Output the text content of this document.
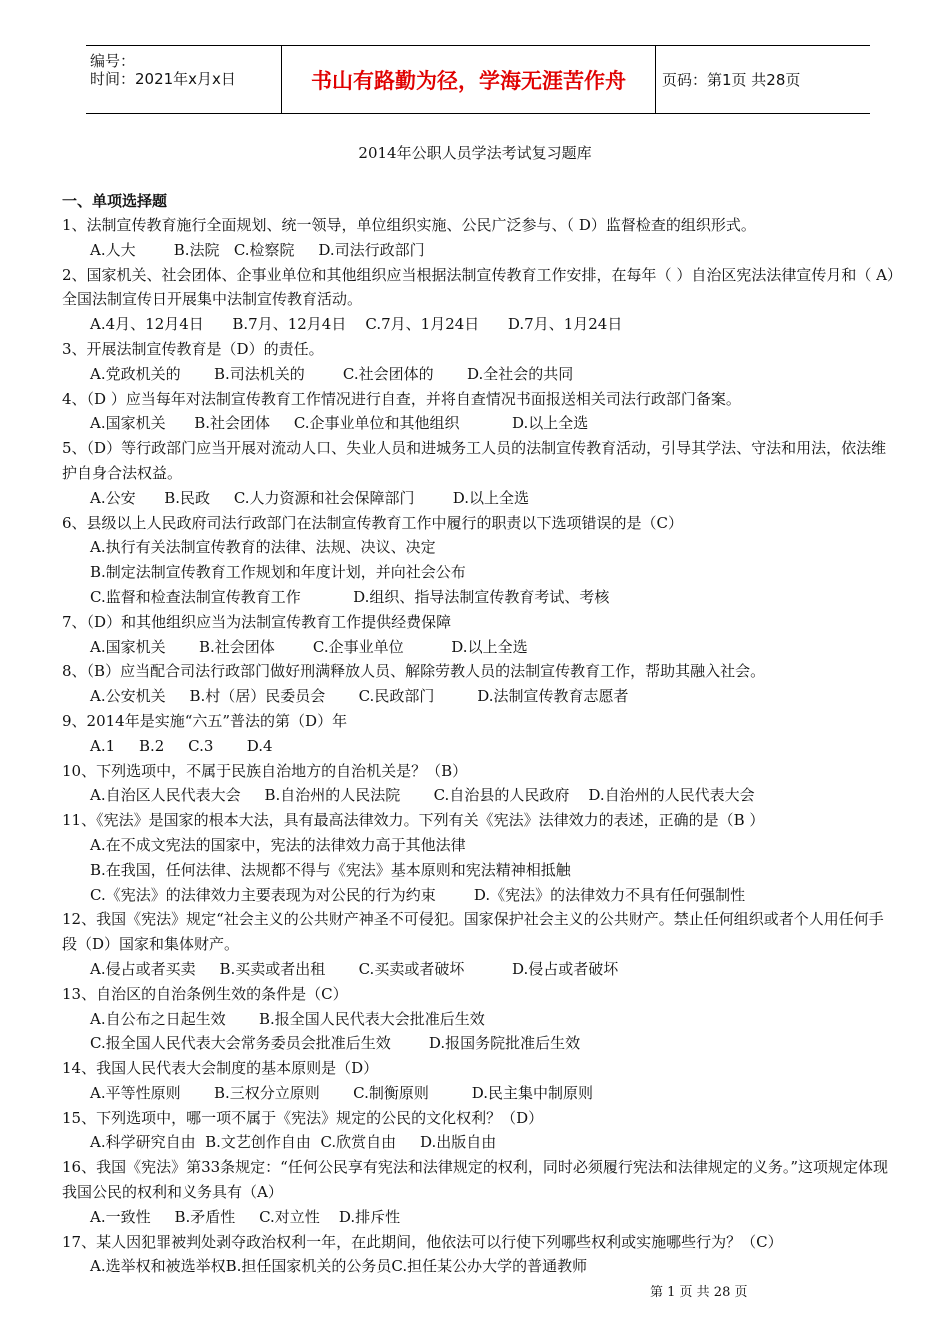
编号：
时间：2021年x月x日	书山有路勤为径，学海无涯苦作舟	页码：第1页 共28页
2014年公职人员学法考试复习题库
一、单项选择题
1、法制宣传教育施行全面规划、统一领导，单位组织实施、公民广泛参与、（ D）监督检查的组织形式。
A.人大        B.法院   C.检察院     D.司法行政部门
2、国家机关、社会团体、企事业单位和其他组织应当根据法制宣传教育工作安排，在每年（ ）自治区宪法法律宣传月和（ A）全国法制宣传日开展集中法制宣传教育活动。
A.4月、12月4日      B.7月、12月4日    C.7月、1月24日      D.7月、1月24日
3、开展法制宣传教育是（D）的责任。
A.党政机关的       B.司法机关的        C.社会团体的       D.全社会的共同
4、（D ）应当每年对法制宣传教育工作情况进行自查，并将自查情况书面报送相关司法行政部门备案。
A.国家机关      B.社会团体     C.企事业单位和其他组织           D.以上全选
5、（D）等行政部门应当开展对流动人口、失业人员和进城务工人员的法制宣传教育活动，引导其学法、守法和用法，依法维护自身合法权益。
A.公安      B.民政     C.人力资源和社会保障部门        D.以上全选
6、县级以上人民政府司法行政部门在法制宣传教育工作中履行的职责以下选项错误的是（C）
A.执行有关法制宣传教育的法律、法规、决议、决定
B.制定法制宣传教育工作规划和年度计划，并向社会公布
C.监督和检查法制宣传教育工作           D.组织、指导法制宣传教育考试、考核
7、（D）和其他组织应当为法制宣传教育工作提供经费保障
A.国家机关       B.社会团体        C.企事业单位          D.以上全选
8、（B）应当配合司法行政部门做好刑满释放人员、解除劳教人员的法制宣传教育工作，帮助其融入社会。
A.公安机关     B.村（居）民委员会       C.民政部门         D.法制宣传教育志愿者
9、2014年是实施“六五”普法的第（D）年
A.1     B.2     C.3       D.4
10、下列选项中，不属于民族自治地方的自治机关是？（B）
A.自治区人民代表大会     B.自治州的人民法院       C.自治县的人民政府    D.自治州的人民代表大会
11、《宪法》是国家的根本大法，具有最高法律效力。下列有关《宪法》法律效力的表述，正确的是（B ）
A.在不成文宪法的国家中，宪法的法律效力高于其他法律
B.在我国，任何法律、法规都不得与《宪法》基本原则和宪法精神相抵触
C.《宪法》的法律效力主要表现为对公民的行为约束        D.《宪法》的法律效力不具有任何强制性
12、我国《宪法》规定“社会主义的公共财产神圣不可侵犯。国家保护社会主义的公共财产。禁止任何组织或者个人用任何手段（D）国家和集体财产。
A.侵占或者买卖     B.买卖或者出租       C.买卖或者破坏          D.侵占或者破坏
13、自治区的自治条例生效的条件是（C）
A.自公布之日起生效       B.报全国人民代表大会批准后生效
C.报全国人民代表大会常务委员会批准后生效        D.报国务院批准后生效
14、我国人民代表大会制度的基本原则是（D）
A.平等性原则       B.三权分立原则       C.制衡原则         D.民主集中制原则
15、下列选项中，哪一项不属于《宪法》规定的公民的文化权利？（D）
A.科学研究自由  B.文艺创作自由  C.欣赏自由     D.出版自由
16、我国《宪法》第33条规定：“任何公民享有宪法和法律规定的权利，同时必须履行宪法和法律规定的义务。”这项规定体现我国公民的权利和义务具有（A）
A.一致性     B.矛盾性     C.对立性    D.排斥性
17、某人因犯罪被判处剥夺政治权利一年，在此期间，他依法可以行使下列哪些权利或实施哪些行为？（C）
A.选举权和被选举权B.担任国家机关的公务员C.担任某公办大学的普通教师
第 1 页 共 28 页
